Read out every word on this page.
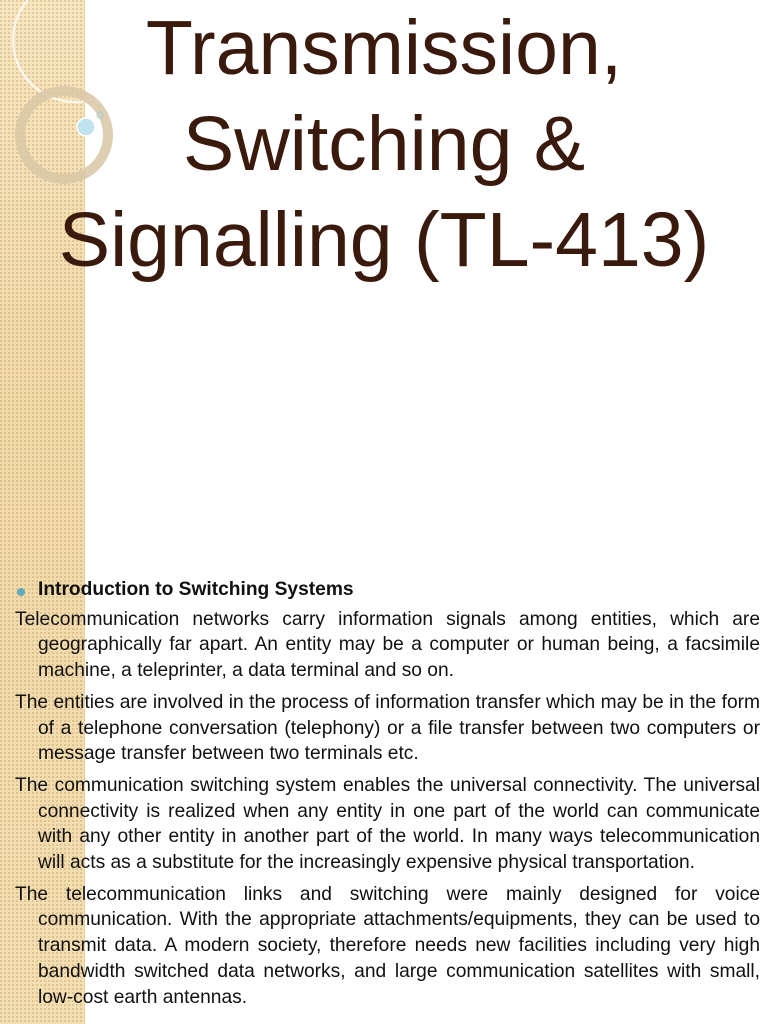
Transmission,
Switching &
Signalling (TL-413)
Introduction to Switching Systems

Telecommunication networks carry information signals among entities, which are geographically far apart. An entity may be a computer or human being, a facsimile machine, a teleprinter, a data terminal and so on.

The entities are involved in the process of information transfer which may be in the form of a telephone conversation (telephony) or a file transfer between two computers or message transfer between two terminals etc.

The communication switching system enables the universal connectivity. The universal connectivity is realized when any entity in one part of the world can communicate with any other entity in another part of the world. In many ways telecommunication will acts as a substitute for the increasingly expensive physical transportation.

The telecommunication links and switching were mainly designed for voice communication. With the appropriate attachments/equipments, they can be used to transmit data. A modern society, therefore needs new facilities including very high bandwidth switched data networks, and large communication satellites with small, low-cost earth antennas.
